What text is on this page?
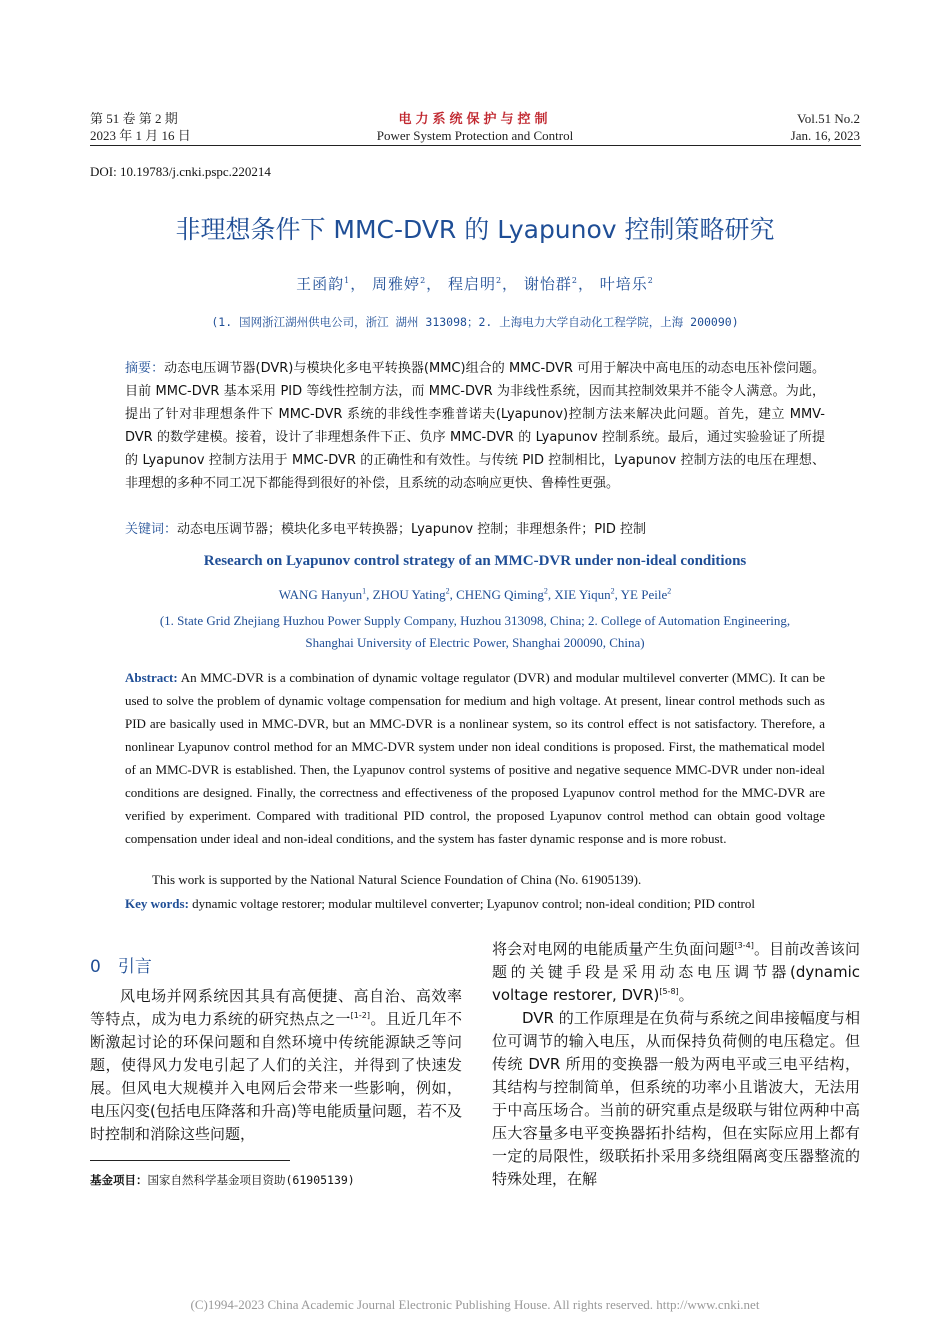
第 51 卷 第 2 期
2023 年 1 月 16 日
电力系统保护与控制
Power System Protection and Control
Vol.51 No.2
Jan. 16, 2023
DOI: 10.19783/j.cnki.pspc.220214
非理想条件下 MMC-DVR 的 Lyapunov 控制策略研究
王函韵$^1$， 周雅婷$^2$， 程启明$^2$， 谢怡群$^2$， 叶培乐$^2$
(1. 国网浙江湖州供电公司，浙江 湖州 313098；2. 上海电力大学自动化工程学院，上海 200090)
摘要：动态电压调节器(DVR)与模块化多电平转换器(MMC)组合的 MMC-DVR 可用于解决中高电压的动态电压补偿问题。目前 MMC-DVR 基本采用 PID 等线性控制方法，而 MMC-DVR 为非线性系统，因而其控制效果并不能令人满意。为此，提出了针对非理想条件下 MMC-DVR 系统的非线性李雅普诺夫(Lyapunov)控制方法来解决此问题。首先，建立 MMV-DVR 的数学建模。接着，设计了非理想条件下正、负序 MMC-DVR 的 Lyapunov 控制系统。最后，通过实验验证了所提的 Lyapunov 控制方法用于 MMC-DVR 的正确性和有效性。与传统 PID 控制相比，Lyapunov 控制方法的电压在理想、非理想的多种不同工况下都能得到很好的补偿，且系统的动态响应更快、鲁棒性更强。
关键词：动态电压调节器；模块化多电平转换器；Lyapunov 控制；非理想条件；PID 控制
Research on Lyapunov control strategy of an MMC-DVR under non-ideal conditions
WANG Hanyun$^1$, ZHOU Yating$^2$, CHENG Qiming$^2$, XIE Yiqun$^2$, YE Peile$^2$
(1. State Grid Zhejiang Huzhou Power Supply Company, Huzhou 313098, China; 2. College of Automation Engineering,
Shanghai University of Electric Power, Shanghai 200090, China)
Abstract: An MMC-DVR is a combination of dynamic voltage regulator (DVR) and modular multilevel converter (MMC). It can be used to solve the problem of dynamic voltage compensation for medium and high voltage. At present, linear control methods such as PID are basically used in MMC-DVR, but an MMC-DVR is a nonlinear system, so its control effect is not satisfactory. Therefore, a nonlinear Lyapunov control method for an MMC-DVR system under non ideal conditions is proposed. First, the mathematical model of an MMC-DVR is established. Then, the Lyapunov control systems of positive and negative sequence MMC-DVR under non-ideal conditions are designed. Finally, the correctness and effectiveness of the proposed Lyapunov control method for the MMC-DVR are verified by experiment. Compared with traditional PID control, the proposed Lyapunov control method can obtain good voltage compensation under ideal and non-ideal conditions, and the system has faster dynamic response and is more robust.
This work is supported by the National Natural Science Foundation of China (No. 61905139).
Key words: dynamic voltage restorer; modular multilevel converter; Lyapunov control; non-ideal condition; PID control
0　引言

风电场并网系统因其具有高便捷、高自治、高效率等特点，成为电力系统的研究热点之一[1-2]。且近几年不断激起讨论的环保问题和自然环境中传统能源缺乏等问题，使得风力发电引起了人们的关注，并得到了快速发展。但风电大规模并入电网后会带来一些影响，例如，电压闪变(包括电压降落和升高)等电能质量问题，若不及时控制和消除这些问题，

将会对电网的电能质量产生负面问题[3-4]。目前改善该问题的关键手段是采用动态电压调节器(dynamic voltage restorer, DVR)[5-8]。

DVR 的工作原理是在负荷与系统之间串接幅度与相位可调节的输入电压，从而保持负荷侧的电压稳定。但传统 DVR 所用的变换器一般为两电平或三电平结构，其结构与控制简单，但系统的功率小且谐波大，无法用于中高压场合。当前的研究重点是级联与钳位两种中高压大容量多电平变换器拓扑结构，但在实际应用上都有一定的局限性，级联拓扑采用多绕组隔离变压器整流的特殊处理，在解

基金项目：国家自然科学基金项目资助(61905139)
(C)1994-2023 China Academic Journal Electronic Publishing House. All rights reserved. http://www.cnki.net
